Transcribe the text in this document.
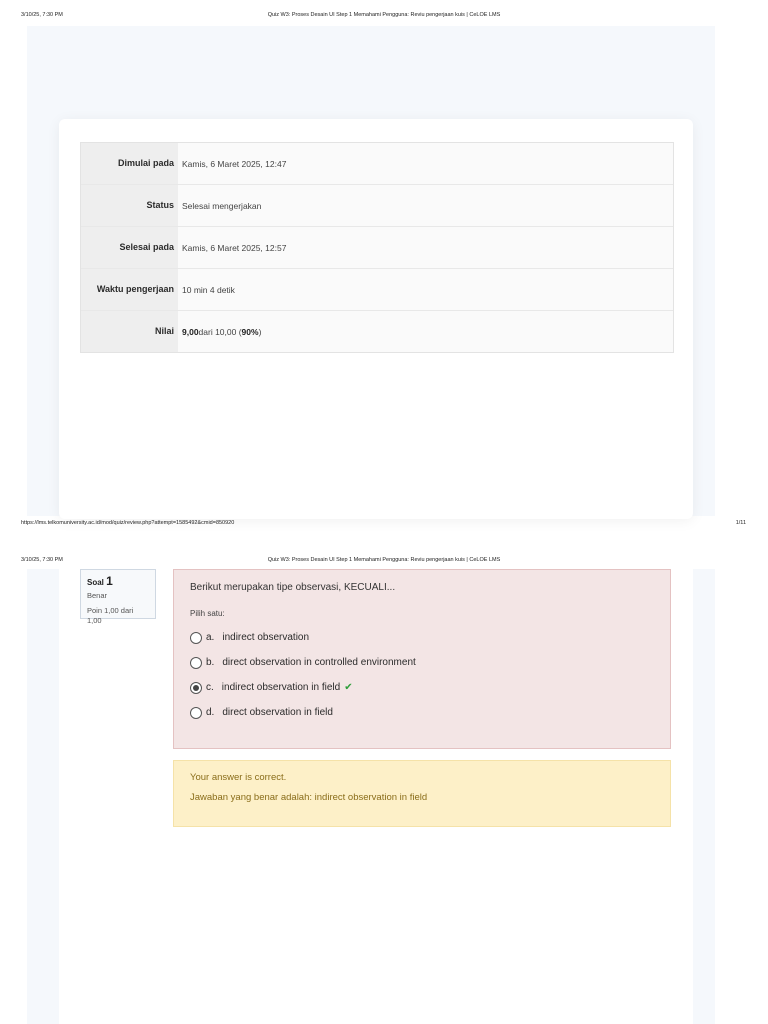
3/10/25, 7:30 PM	Quiz W3: Proses Desain UI Step 1 Memahami Pengguna: Reviu pengerjaan kuis | CeLOE LMS
Dimulai pada Kamis, 6 Maret 2025, 12:47
Status Selesai mengerjakan
Selesai pada Kamis, 6 Maret 2025, 12:57
Waktu pengerjaan 10 min 4 detik
Nilai 9,00 dari 10,00 ( 90% )
https://lms.telkomuniversity.ac.id/mod/quiz/review.php?attempt=1585492&cmid=850920	1/11
3/10/25, 7:30 PM	Quiz W3: Proses Desain UI Step 1 Memahami Pengguna: Reviu pengerjaan kuis | CeLOE LMS
Soal 1
Benar
Poin 1,00 dari 1,00
Berikut merupakan tipe observasi, KECUALI...
Pilih satu:
a. indirect observation
b. direct observation in controlled environment
c. indirect observation in field ✔
d. direct observation in field
Your answer is correct.
Jawaban yang benar adalah: indirect observation in field
